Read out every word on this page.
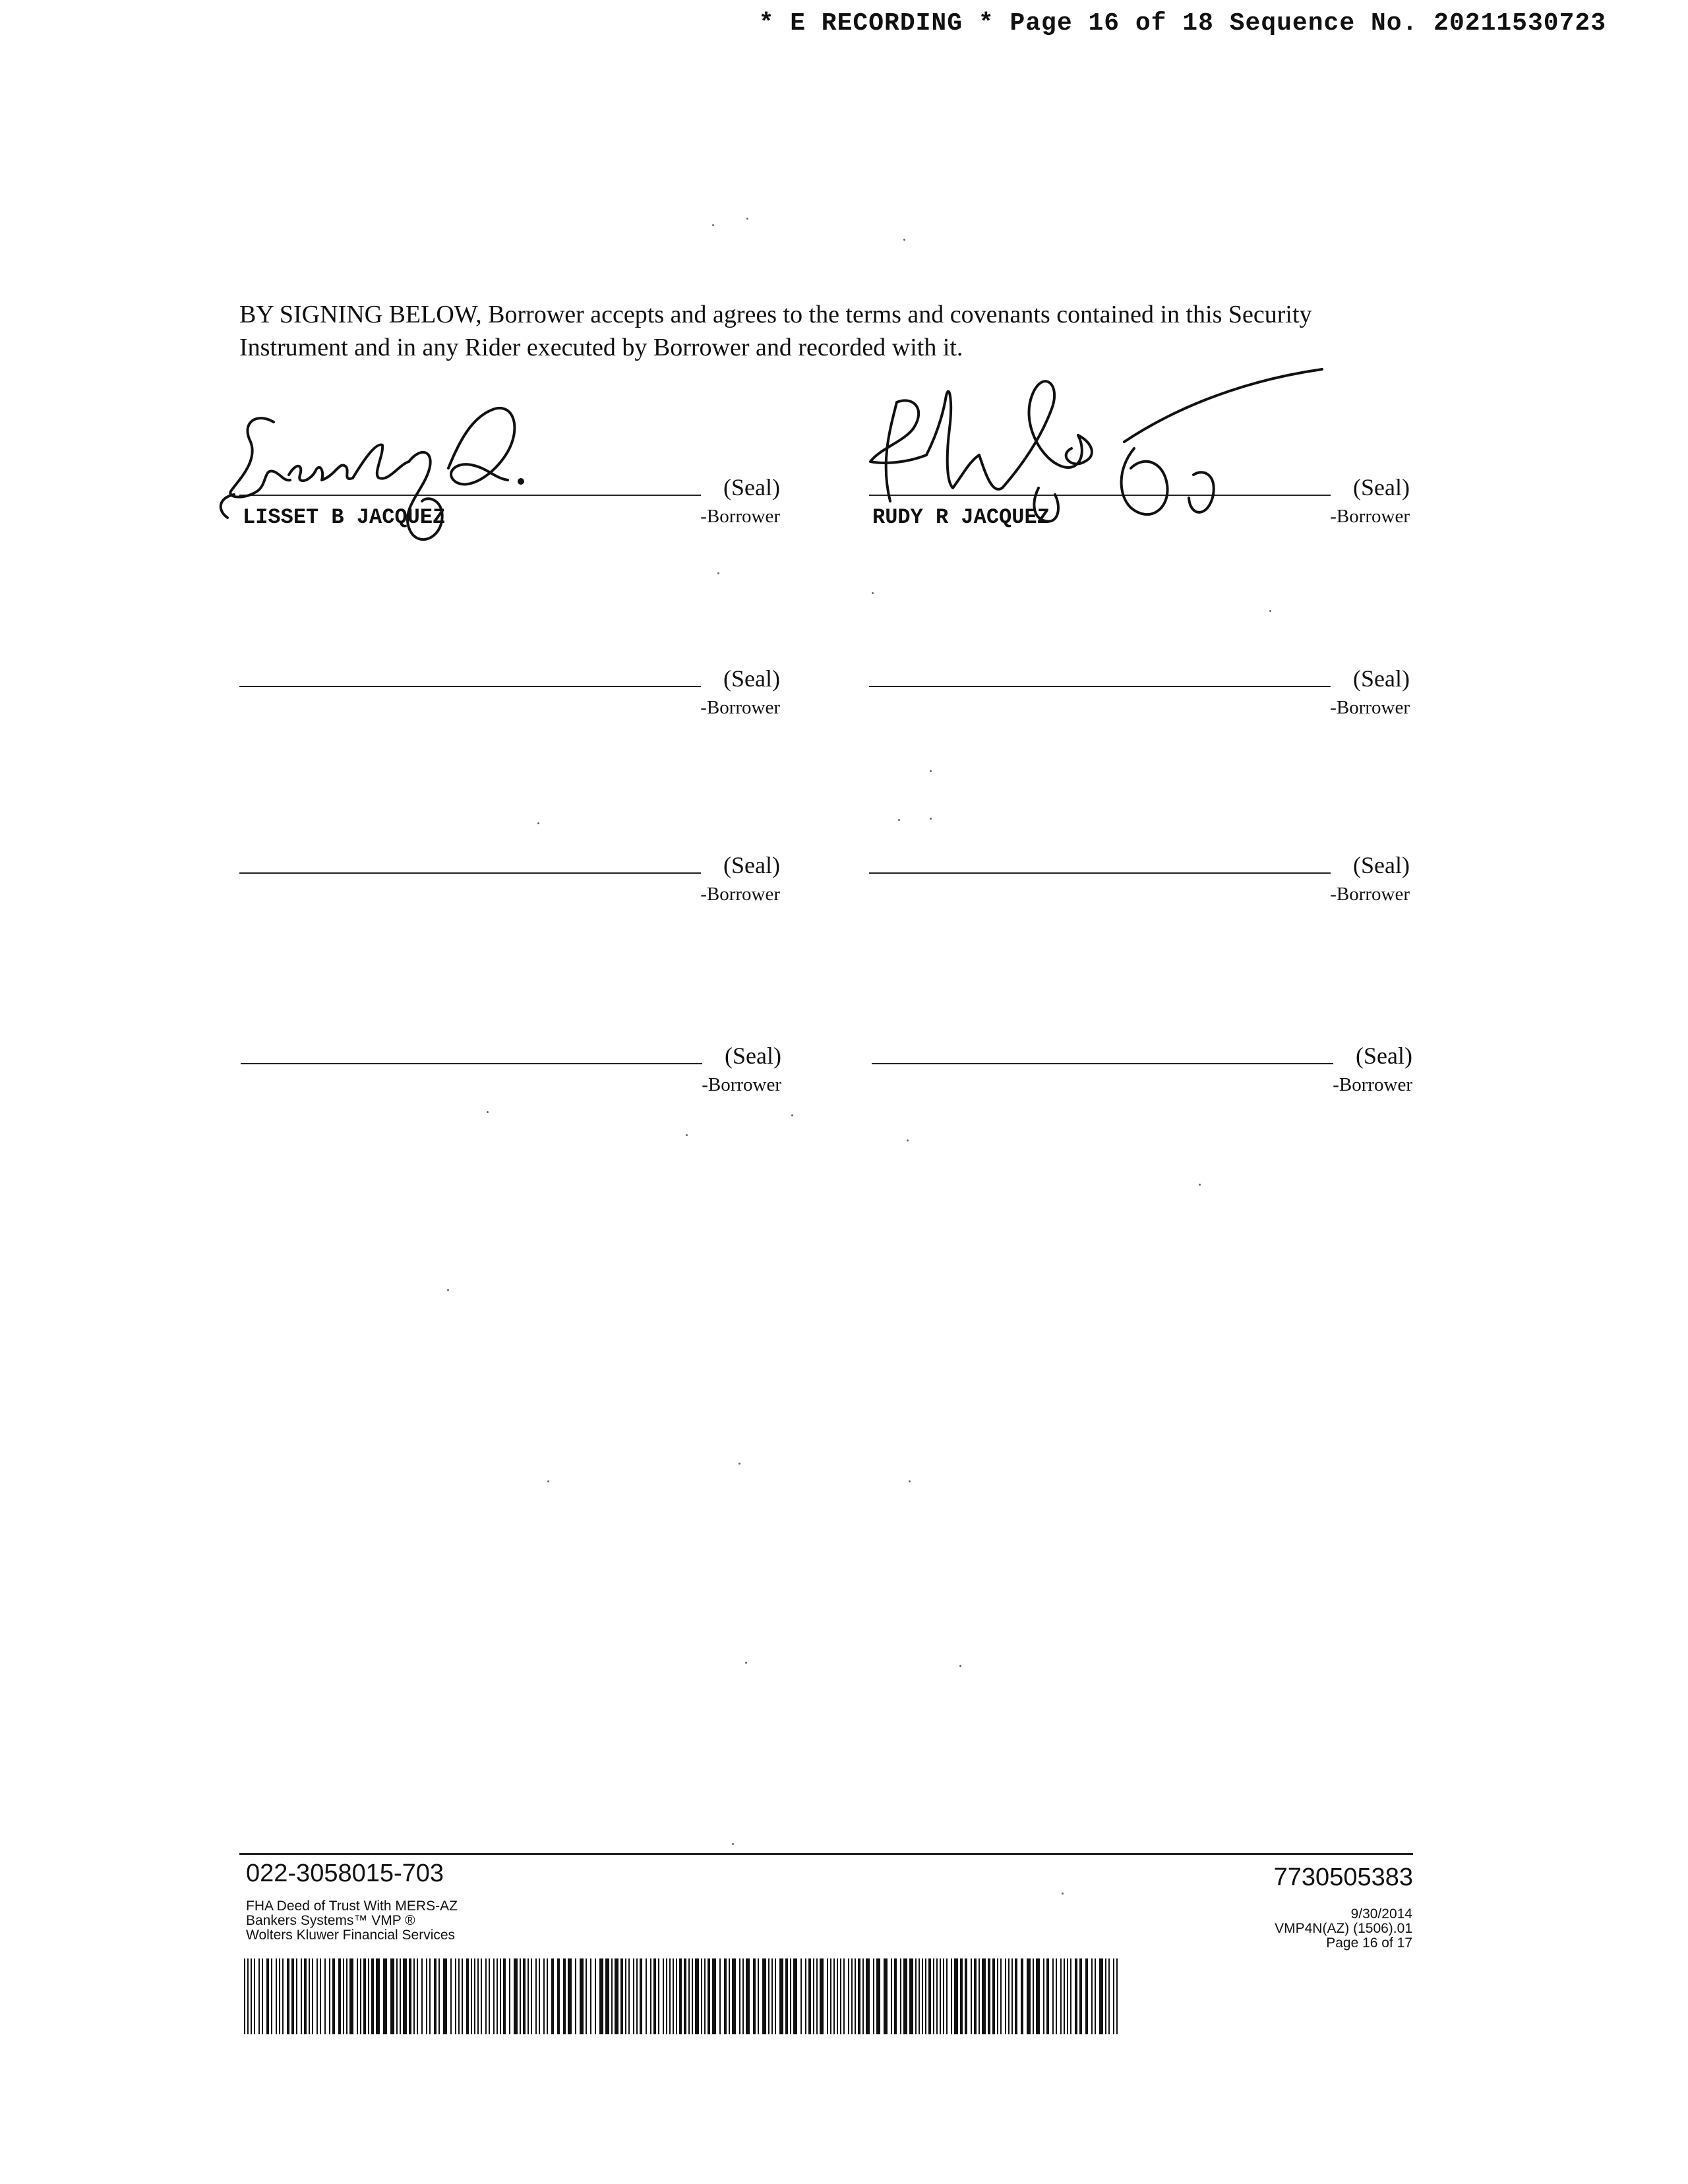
* E RECORDING * Page 16 of 18 Sequence No. 20211530723
BY SIGNING BELOW, Borrower accepts and agrees to the terms and covenants contained in this Security
Instrument and in any Rider executed by Borrower and recorded with it.
(Seal)
-Borrower
LISSET B JACQUEZ
(Seal)
-Borrower
RUDY R JACQUEZ
(Seal)
-Borrower
(Seal)
-Borrower
(Seal)
-Borrower
(Seal)
-Borrower
(Seal)
-Borrower
(Seal)
-Borrower
022-3058015-703	7730505383
FHA Deed of Trust With MERS-AZ
Bankers Systems™ VMP ®
Wolters Kluwer Financial Services
9/30/2014
VMP4N(AZ) (1506).01
Page 16 of 17
